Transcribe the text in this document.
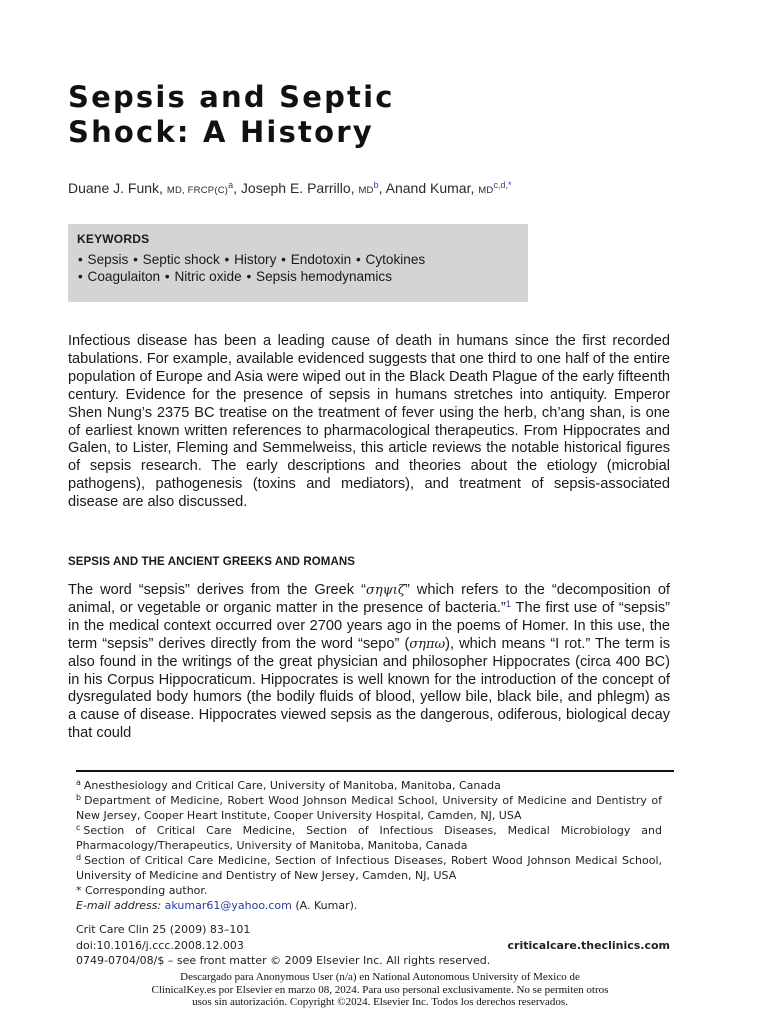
Sepsis and Septic
Shock: A History
Duane J. Funk, MD, $FRCP(C)^a$, Joseph E. Parrillo, $MD^b$, Anand Kumar, $MD^{c,d,*}$
KEYWORDS
• Sepsis • Septic shock • History • Endotoxin • Cytokines
• Coagulaiton • Nitric oxide • Sepsis hemodynamics

Infectious disease has been a leading cause of death in humans since the first recorded tabulations. For example, available evidenced suggests that one third to one half of the entire population of Europe and Asia were wiped out in the Black Death Plague of the early fifteenth century. Evidence for the presence of sepsis in humans stretches into antiquity. Emperor Shen Nung’s 2375 BC treatise on the treatment of fever using the herb, ch’ang shan, is one of earliest known written references to pharmacological therapeutics. From Hippocrates and Galen, to Lister, Fleming and Semmelweiss, this article reviews the notable historical figures of sepsis research. The early descriptions and theories about the etiology (microbial pathogens), pathogenesis (toxins and mediators), and treatment of sepsis-associated disease are also discussed.

SEPSIS AND THE ANCIENT GREEKS AND ROMANS

The word “sepsis” derives from the Greek “σηψιζ” which refers to the “decomposition of animal, or vegetable or organic matter in the presence of bacteria.”$^1$ The first use of “sepsis” in the medical context occurred over 2700 years ago in the poems of Homer. In this use, the term “sepsis” derives directly from the word “sepo” (σηπω), which means “I rot.” The term is also found in the writings of the great physician and philosopher Hippocrates (circa 400 BC) in his Corpus Hippocraticum. Hippocrates is well known for the introduction of the concept of dysregulated body humors (the bodily fluids of blood, yellow bile, black bile, and phlegm) as a cause of disease. Hippocrates viewed sepsis as the dangerous, odiferous, biological decay that could

$^a$ Anesthesiology and Critical Care, University of Manitoba, Manitoba, Canada
$^b$ Department of Medicine, Robert Wood Johnson Medical School, University of Medicine and Dentistry of New Jersey, Cooper Heart Institute, Cooper University Hospital, Camden, NJ, USA
$^c$ Section of Critical Care Medicine, Section of Infectious Diseases, Medical Microbiology and Pharmacology/Therapeutics, University of Manitoba, Manitoba, Canada
$^d$ Section of Critical Care Medicine, Section of Infectious Diseases, Robert Wood Johnson Medical School, University of Medicine and Dentistry of New Jersey, Camden, NJ, USA
* Corresponding author.
E-mail address: akumar61@yahoo.com (A. Kumar).
Crit Care Clin 25 (2009) 83–101
doi:10.1016/j.ccc.2008.12.003
0749-0704/08/$ – see front matter © 2009 Elsevier Inc. All rights reserved.
criticalcare.theclinics.com
Descargado para Anonymous User (n/a) en National Autonomous University of Mexico de ClinicalKey.es por Elsevier en marzo 08, 2024. Para uso personal exclusivamente. No se permiten otros usos sin autorización. Copyright ©2024. Elsevier Inc. Todos los derechos reservados.
